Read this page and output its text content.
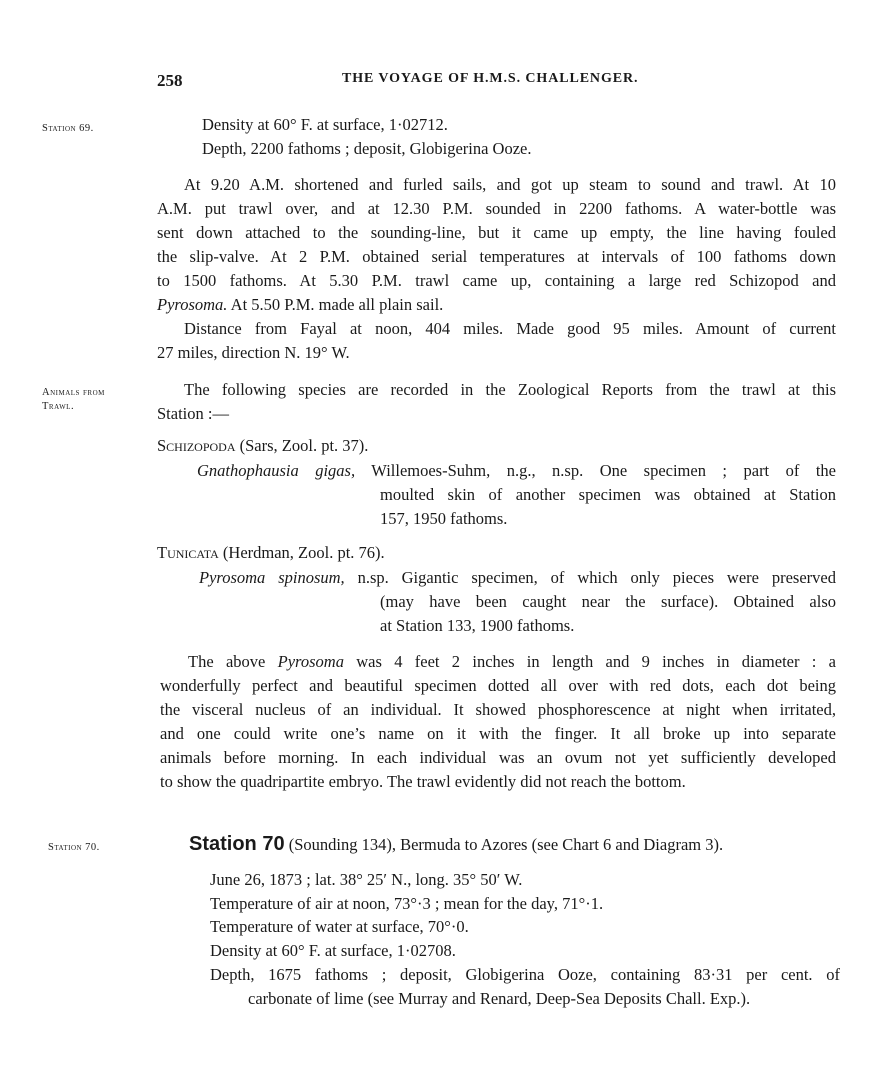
258	THE VOYAGE OF H.M.S. CHALLENGER.
Station 69.
Animals from
Trawl.
Station 70.
Density at 60° F. at surface, 1·02712.
Depth, 2200 fathoms ; deposit, Globigerina Ooze.
At 9.20 A.M. shortened and furled sails, and got up steam to sound and trawl. At 10
A.M. put trawl over, and at 12.30 P.M. sounded in 2200 fathoms. A water-bottle was
sent down attached to the sounding-line, but it came up empty, the line having fouled
the slip-valve. At 2 P.M. obtained serial temperatures at intervals of 100 fathoms down
to 1500 fathoms. At 5.30 P.M. trawl came up, containing a large red Schizopod and
Pyrosoma. At 5.50 P.M. made all plain sail.
Distance from Fayal at noon, 404 miles. Made good 95 miles. Amount of current
27 miles, direction N. 19° W.
The following species are recorded in the Zoological Reports from the trawl at this
Station :—
Schizopoda (Sars, Zool. pt. 37).
Gnathophausia gigas, Willemoes-Suhm, n.g., n.sp. One specimen ; part of the
moulted skin of another specimen was obtained at Station
157, 1950 fathoms.
Tunicata (Herdman, Zool. pt. 76).
Pyrosoma spinosum, n.sp. Gigantic specimen, of which only pieces were preserved
(may have been caught near the surface). Obtained also
at Station 133, 1900 fathoms.
The above Pyrosoma was 4 feet 2 inches in length and 9 inches in diameter : a
wonderfully perfect and beautiful specimen dotted all over with red dots, each dot being
the visceral nucleus of an individual. It showed phosphorescence at night when irritated,
and one could write one’s name on it with the finger. It all broke up into separate
animals before morning. In each individual was an ovum not yet sufficiently developed
to show the quadripartite embryo. The trawl evidently did not reach the bottom.
Station 70 (Sounding 134), Bermuda to Azores (see Chart 6 and Diagram 3).
June 26, 1873 ; lat. 38° 25′ N., long. 35° 50′ W.
Temperature of air at noon, 73°·3 ; mean for the day, 71°·1.
Temperature of water at surface, 70°·0.
Density at 60° F. at surface, 1·02708.
Depth, 1675 fathoms ; deposit, Globigerina Ooze, containing 83·31 per cent. of
carbonate of lime (see Murray and Renard, Deep-Sea Deposits Chall. Exp.).
